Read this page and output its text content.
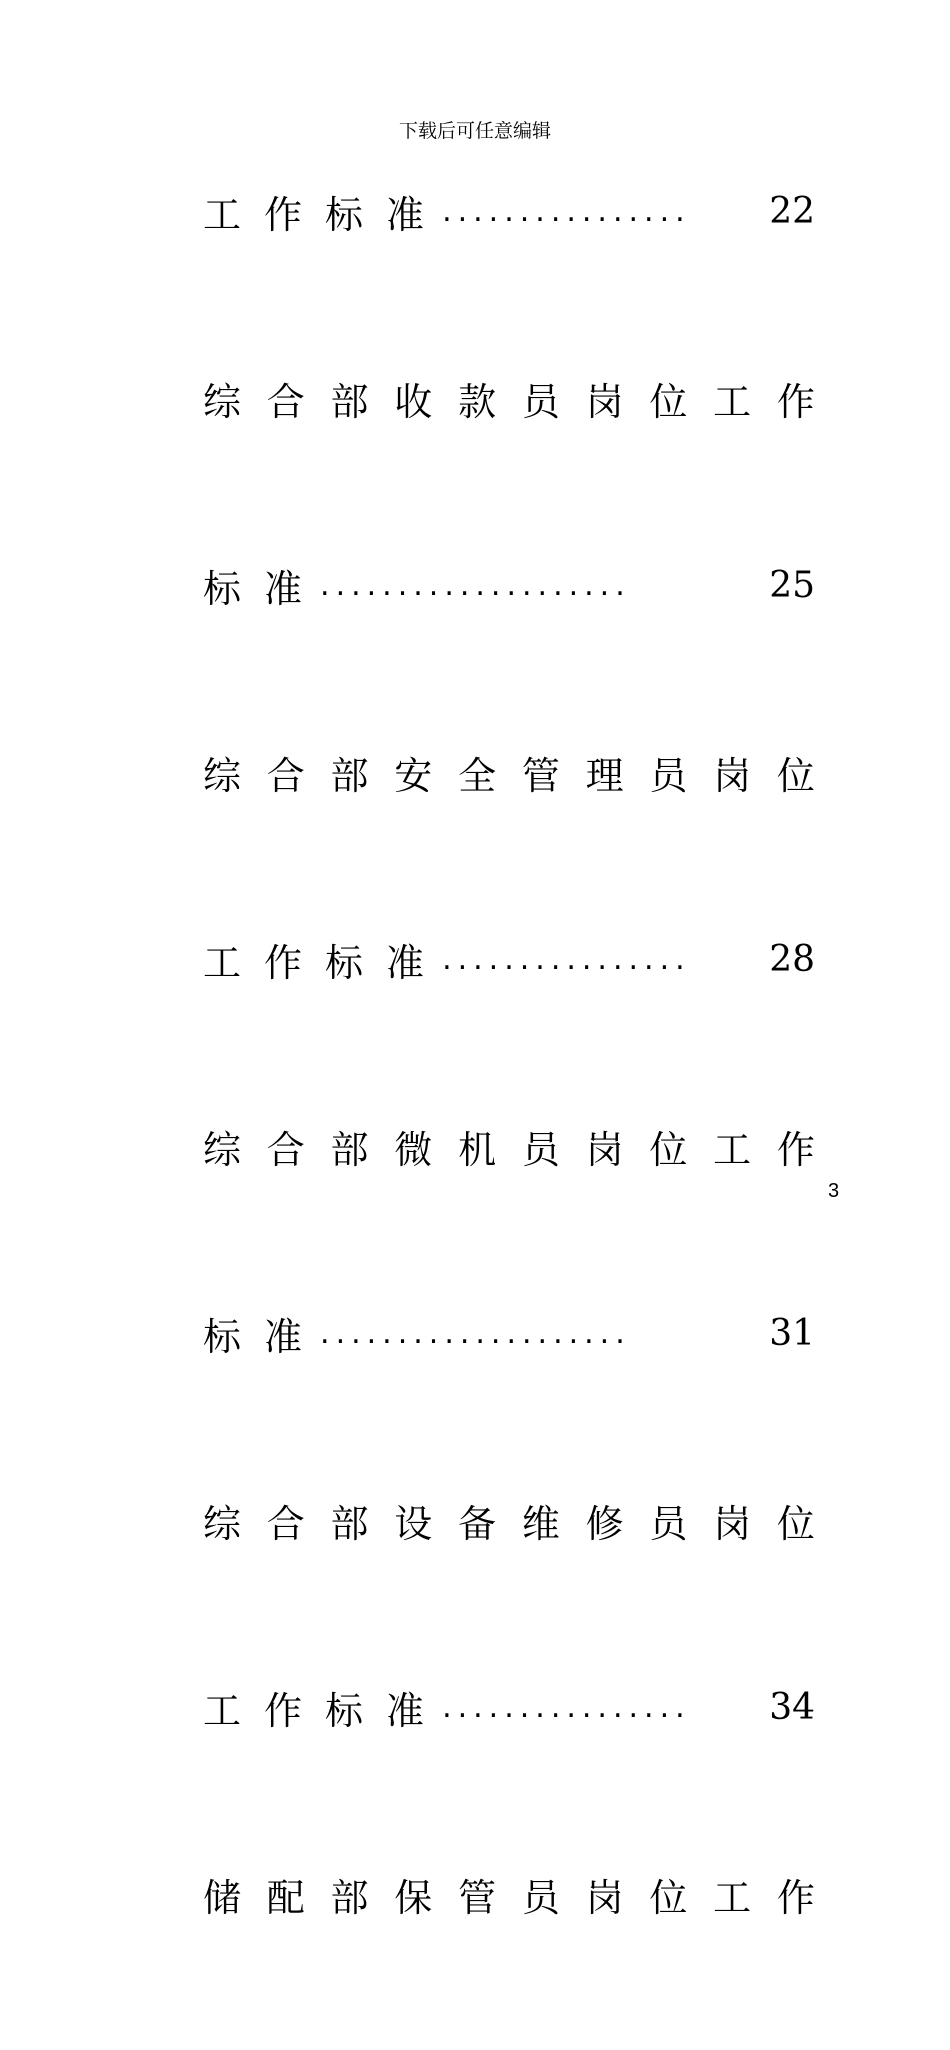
下载后可任意编辑
工 作 标 准 ................	22
综 合 部 收 款 员 岗 位 工 作
标 准 ....................	25
综 合 部 安 全 管 理 员 岗 位
工 作 标 准 ................	28
综 合 部 微 机 员 岗 位 工 作
标 准 ....................	31
综 合 部 设 备 维 修 员 岗 位
工 作 标 准 ................	34
储 配 部 保 管 员 岗 位 工 作
3
